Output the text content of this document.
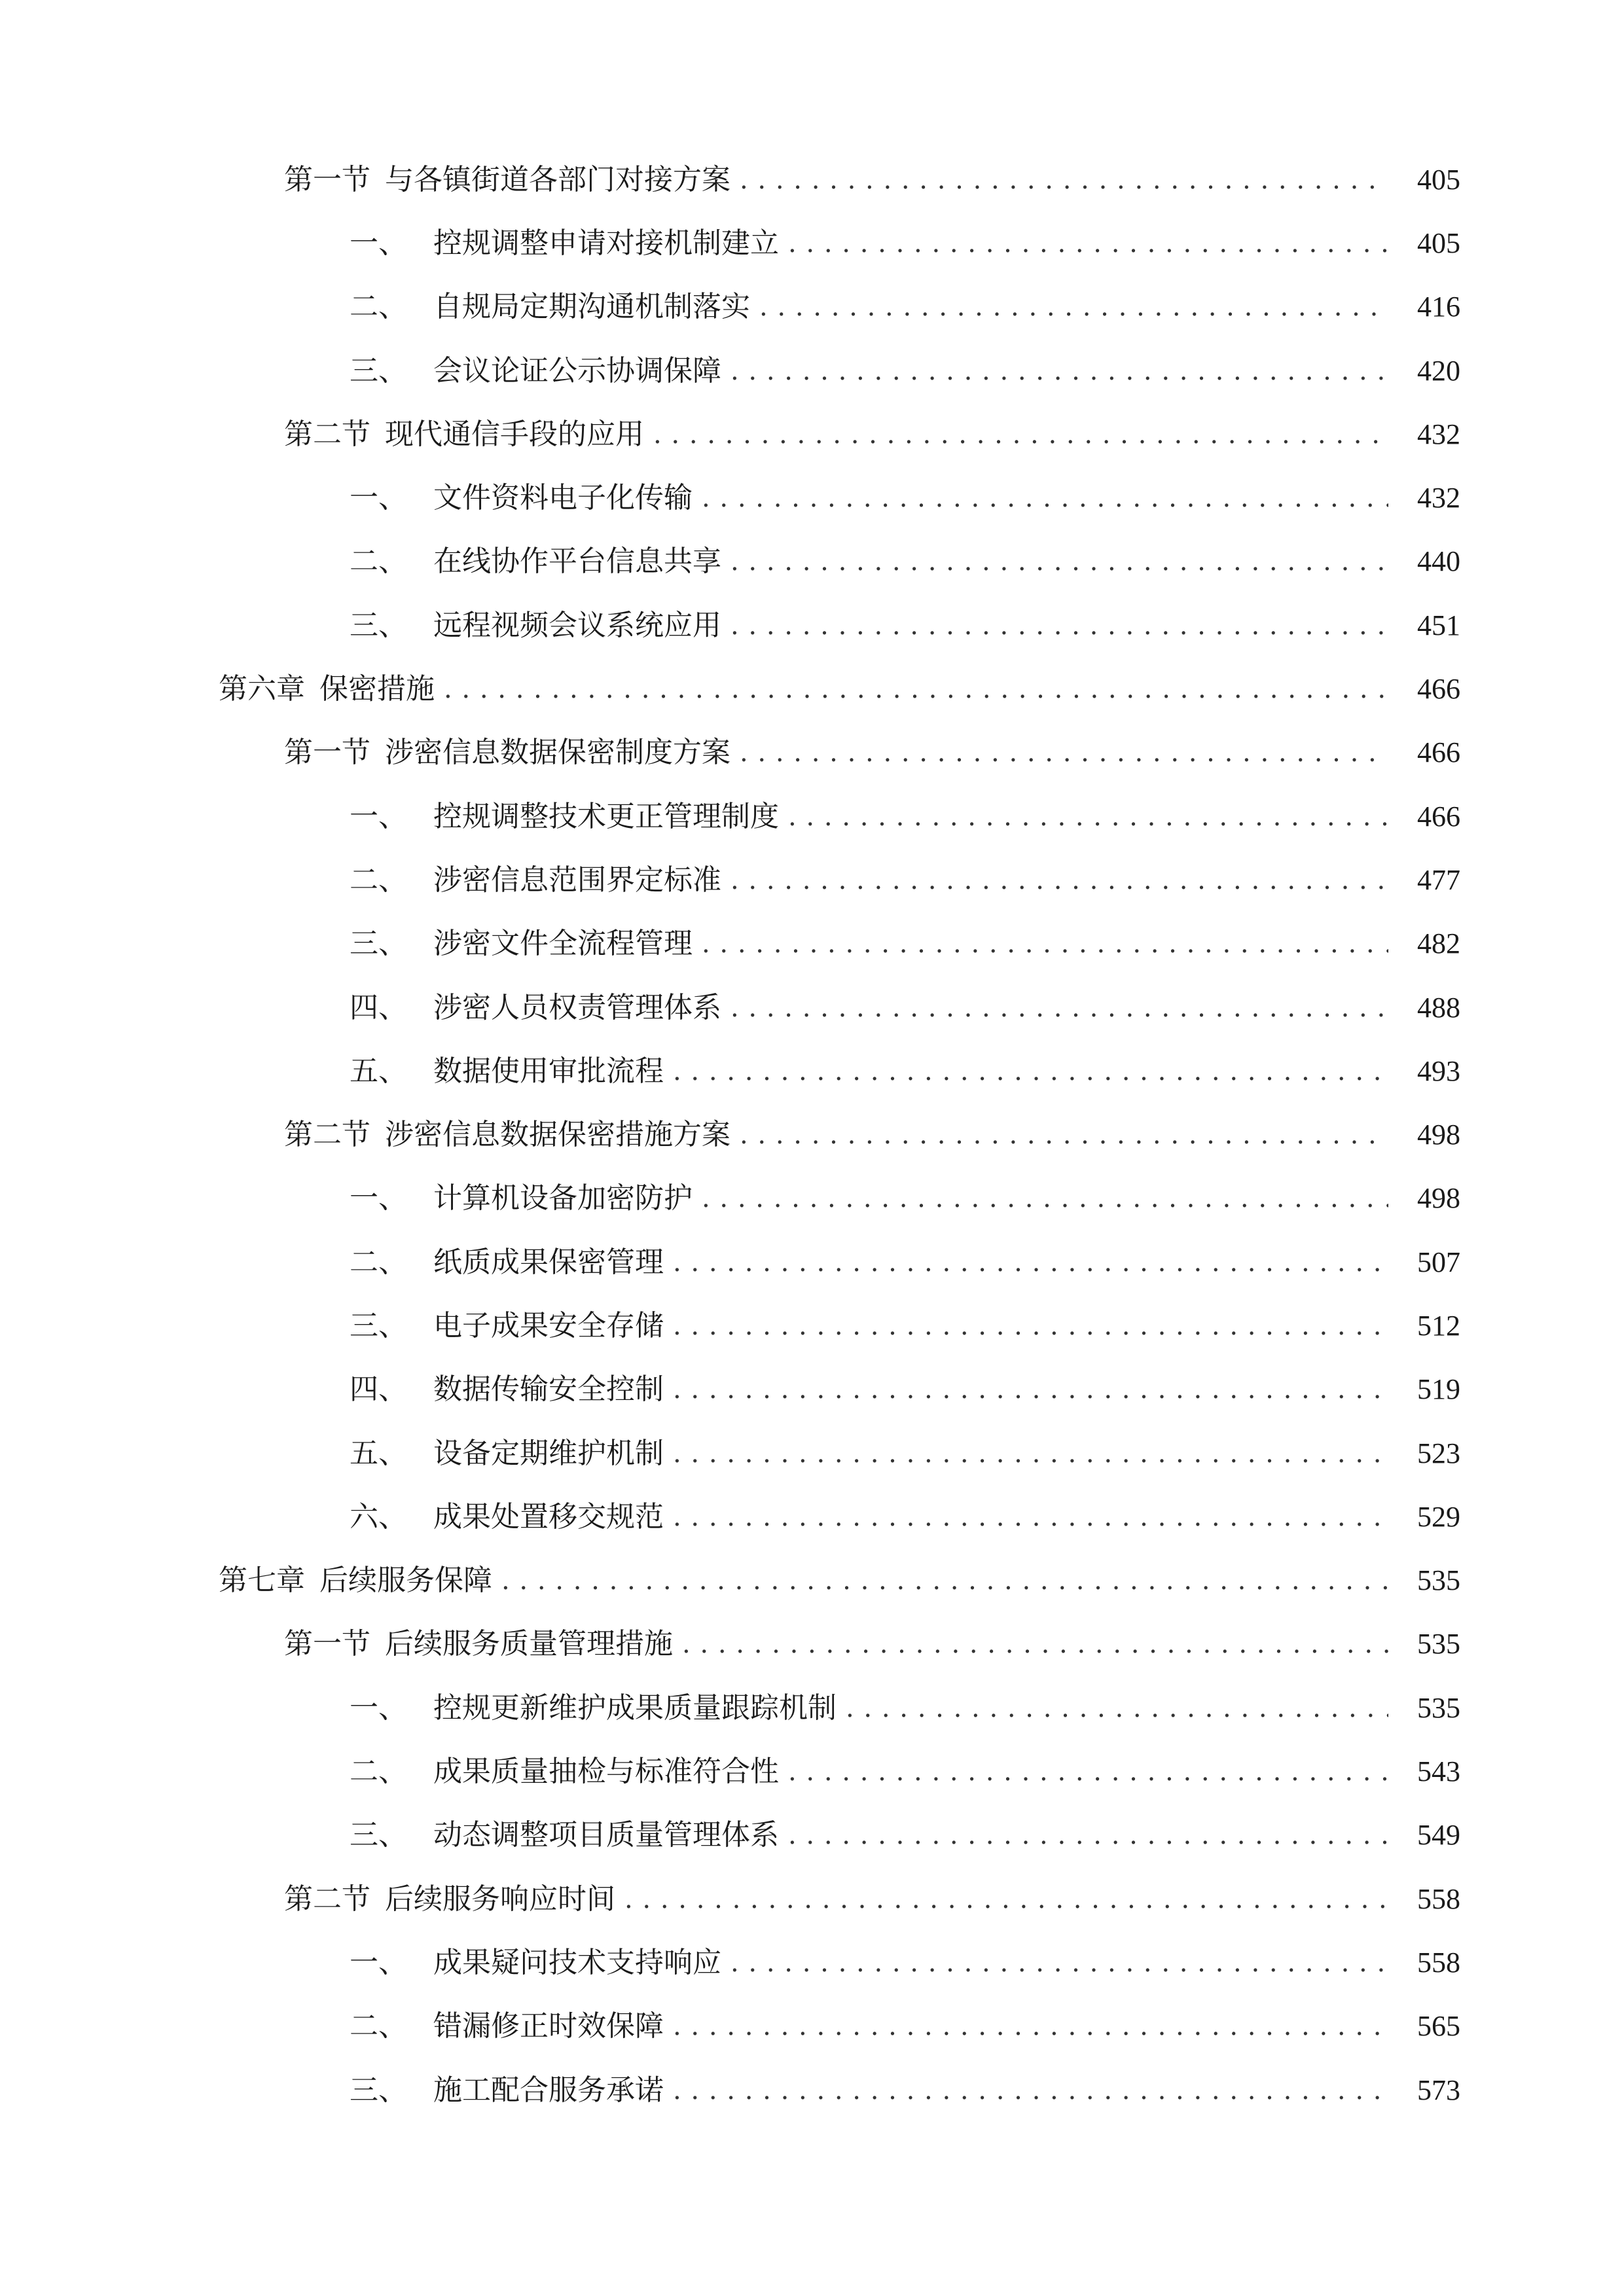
第一节 与各镇街道各部门对接方案 . . .	405
一、 控规调整申请对接机制建立 . . .	405
二、 自规局定期沟通机制落实 . . .	416
三、 会议论证公示协调保障 . . .	420
第二节 现代通信手段的应用 . . .	432
一、 文件资料电子化传输 . . .	432
二、 在线协作平台信息共享 . . .	440
三、 远程视频会议系统应用 . . .	451
第六章 保密措施 . . .	466
第一节 涉密信息数据保密制度方案 . . .	466
一、 控规调整技术更正管理制度 . . .	466
二、 涉密信息范围界定标准 . . .	477
三、 涉密文件全流程管理 . . .	482
四、 涉密人员权责管理体系 . . .	488
五、 数据使用审批流程 . . .	493
第二节 涉密信息数据保密措施方案 . . .	498
一、 计算机设备加密防护 . . .	498
二、 纸质成果保密管理 . . .	507
三、 电子成果安全存储 . . .	512
四、 数据传输安全控制 . . .	519
五、 设备定期维护机制 . . .	523
六、 成果处置移交规范 . . .	529
第七章 后续服务保障 . . .	535
第一节 后续服务质量管理措施 . . .	535
一、 控规更新维护成果质量跟踪机制 . . .	535
二、 成果质量抽检与标准符合性 . . .	543
三、 动态调整项目质量管理体系 . . .	549
第二节 后续服务响应时间 . . .	558
一、 成果疑问技术支持响应 . . .	558
二、 错漏修正时效保障 . . .	565
三、 施工配合服务承诺 . . .	573
